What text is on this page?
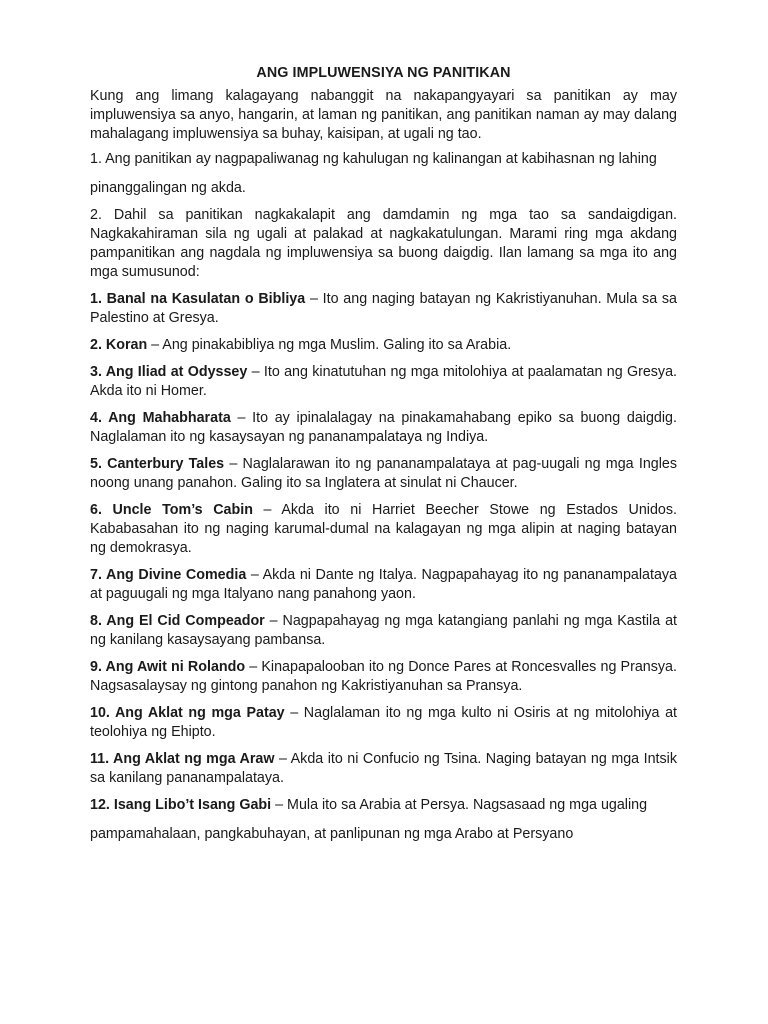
ANG IMPLUWENSIYA NG PANITIKAN

Kung ang limang kalagayang nabanggit na nakapangyayari sa panitikan ay may impluwensiya sa anyo, hangarin, at laman ng panitikan, ang panitikan naman ay may dalang mahalagang impluwensiya sa buhay, kaisipan, at ugali ng tao.

1. Ang panitikan ay nagpapaliwanag ng kahulugan ng kalinangan at kabihasnan ng lahing

pinanggalingan ng akda.

2. Dahil sa panitikan nagkakalapit ang damdamin ng mga tao sa sandaigdigan. Nagkakahiraman sila ng ugali at palakad at nagkakatulungan. Marami ring mga akdang pampanitikan ang nagdala ng impluwensiya sa buong daigdig. Ilan lamang sa mga ito ang mga sumusunod:

1. Banal na Kasulatan o Bibliya – Ito ang naging batayan ng Kakristiyanuhan. Mula sa sa Palestino at Gresya.

2. Koran – Ang pinakabibliya ng mga Muslim. Galing ito sa Arabia.

3. Ang Iliad at Odyssey – Ito ang kinatutuhan ng mga mitolohiya at paalamatan ng Gresya. Akda ito ni Homer.

4. Ang Mahabharata – Ito ay ipinalalagay na pinakamahabang epiko sa buong daigdig. Naglalaman ito ng kasaysayan ng pananampalataya ng Indiya.

5. Canterbury Tales – Naglalarawan ito ng pananampalataya at pag-uugali ng mga Ingles noong unang panahon. Galing ito sa Inglatera at sinulat ni Chaucer.

6. Uncle Tom’s Cabin – Akda ito ni Harriet Beecher Stowe ng Estados Unidos. Kababasahan ito ng naging karumal-dumal na kalagayan ng mga alipin at naging batayan ng demokrasya.

7. Ang Divine Comedia – Akda ni Dante ng Italya. Nagpapahayag ito ng pananampalataya at paguugali ng mga Italyano nang panahong yaon.

8. Ang El Cid Compeador – Nagpapahayag ng mga katangiang panlahi ng mga Kastila at ng kanilang kasaysayang pambansa.

9. Ang Awit ni Rolando – Kinapapalooban ito ng Donce Pares at Roncesvalles ng Pransya. Nagsasalaysay ng gintong panahon ng Kakristiyanuhan sa Pransya.

10. Ang Aklat ng mga Patay – Naglalaman ito ng mga kulto ni Osiris at ng mitolohiya at teolohiya ng Ehipto.

11. Ang Aklat ng mga Araw – Akda ito ni Confucio ng Tsina. Naging batayan ng mga Intsik sa kanilang pananampalataya.

12. Isang Libo’t Isang Gabi – Mula ito sa Arabia at Persya. Nagsasaad ng mga ugaling

pampamahalaan, pangkabuhayan, at panlipunan ng mga Arabo at Persyano
